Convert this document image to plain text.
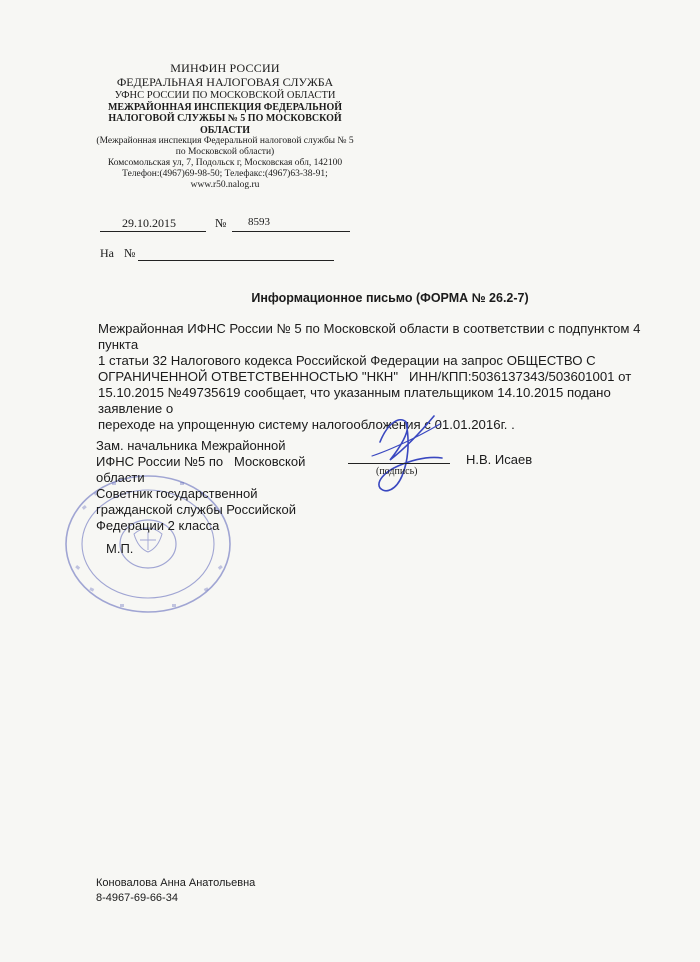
МИНФИН РОССИИ
ФЕДЕРАЛЬНАЯ НАЛОГОВАЯ СЛУЖБА
УФНС РОССИИ ПО МОСКОВСКОЙ ОБЛАСТИ
МЕЖРАЙОННАЯ ИНСПЕКЦИЯ ФЕДЕРАЛЬНОЙ
НАЛОГОВОЙ СЛУЖБЫ № 5 ПО МОСКОВСКОЙ
ОБЛАСТИ
(Межрайонная инспекция Федеральной налоговой службы № 5
по Московской области)
Комсомольская ул, 7, Подольск г, Московская обл, 142100
Телефон:(4967)69-98-50; Телефакс:(4967)63-38-91;
www.r50.nalog.ru
29.10.2015	№ 8593
На №
Информационное письмо (ФОРМА № 26.2-7)
Межрайонная ИФНС России № 5 по Московской области в соответствии с подпунктом 4 пункта
1 статьи 32 Налогового кодекса Российской Федерации на запрос ОБЩЕСТВО С
ОГРАНИЧЕННОЙ ОТВЕТСТВЕННОСТЬЮ "НКН"   ИНН/КПП:5036137343/503601001 от
15.10.2015 №49735619 сообщает, что указанным плательщиком 14.10.2015 подано заявление о
переходе на упрощенную систему налогообложения с 01.01.2016г. .
Зам. начальника Межрайонной
ИФНС России №5 по   Московской
области
Советник государственной
гражданской службы Российской
Федерации 2 класса
М.П.
(подпись)
Н.В. Исаев
Коноваловa Анна Анатольевна
8-4967-69-66-34
